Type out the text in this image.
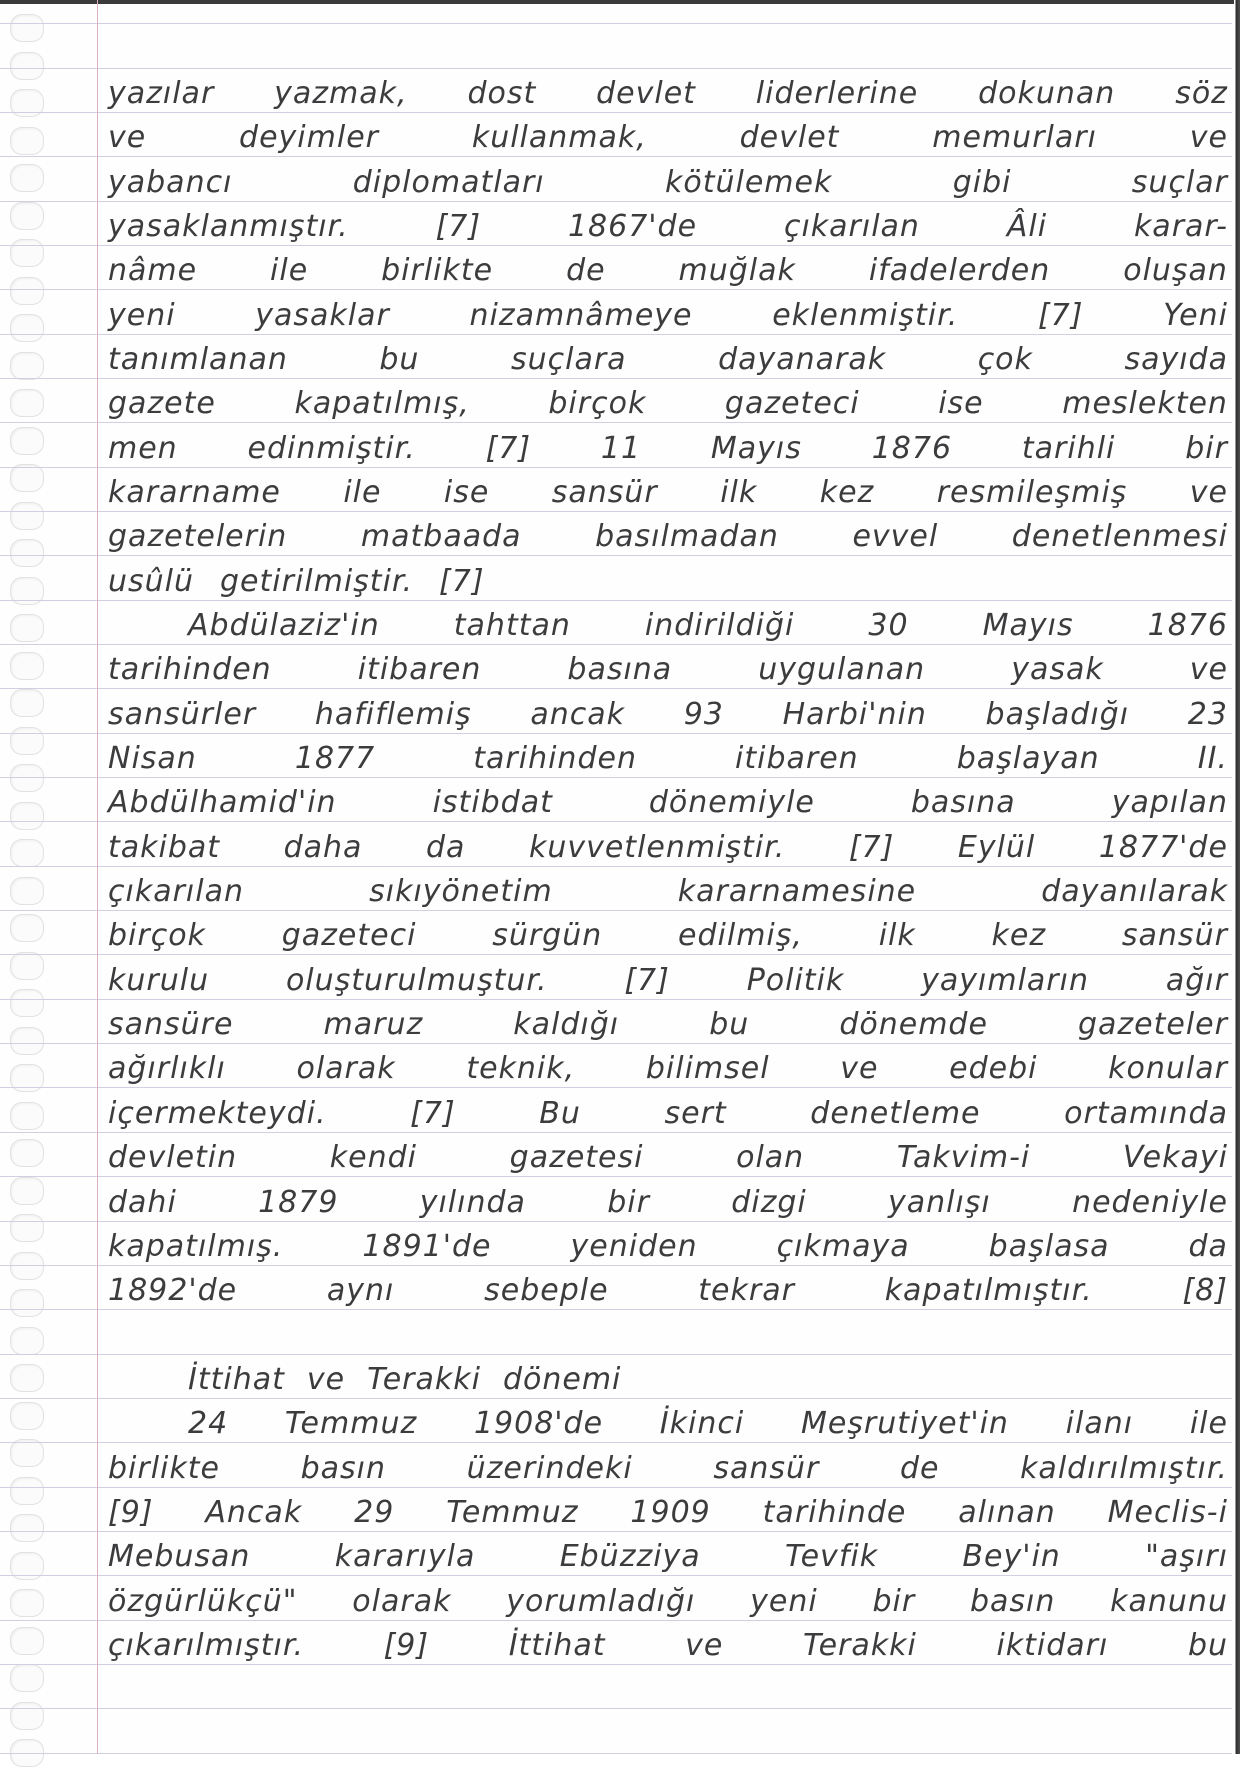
yazılar yazmak, dost devlet liderlerine dokunan söz
ve	deyimler	kullanmak,	devlet	memurları	ve
yabancı	diplomatları	kötülemek	gibi	suçlar
yasaklanmıştır.	[7]	1867'de	çıkarılan	Âli	karar-
nâme ile birlikte de muğlak ifadelerden oluşan
yeni	yasaklar	nizamnâmeye	eklenmiştir.	[7]	Yeni
tanımlanan	bu	suçlara	dayanarak	çok	sayıda
gazete	kapatılmış,	birçok	gazeteci	ise	meslekten
men edinmiştir. [7] 11 Mayıs 1876 tarihli bir
kararname ile ise sansür ilk kez resmileşmiş ve
gazetelerin matbaada basılmadan evvel denetlenmesi
usûlü getirilmiştir. [7]
Abdülaziz'in tahttan indirildiği 30 Mayıs 1876
tarihinden	itibaren	basına	uygulanan	yasak	ve
sansürler hafiflemiş ancak 93 Harbi'nin başladığı 23
Nisan	1877	tarihinden	itibaren	başlayan	II.
Abdülhamid'in	istibdat	dönemiyle	basına	yapılan
takibat daha da kuvvetlenmiştir. [7] Eylül 1877'de
çıkarılan	sıkıyönetim	kararnamesine	dayanılarak
birçok	gazeteci	sürgün	edilmiş,	ilk	kez	sansür
kurulu	oluşturulmuştur.	[7]	Politik	yayımların	ağır
sansüre	maruz	kaldığı	bu	dönemde	gazeteler
ağırlıklı olarak teknik, bilimsel ve edebi konular
içermekteydi.	[7]	Bu	sert	denetleme	ortamında
devletin	kendi	gazetesi	olan	Takvim-i	Vekayi
dahi	1879	yılında	bir	dizgi	yanlışı	nedeniyle
kapatılmış.	1891'de	yeniden	çıkmaya	başlasa	da
1892'de	aynı	sebeple	tekrar	kapatılmıştır.	[8]
İttihat ve Terakki dönemi
24 Temmuz 1908'de İkinci Meşrutiyet'in ilanı ile
birlikte	basın	üzerindeki	sansür	de	kaldırılmıştır.
[9] Ancak 29 Temmuz 1909 tarihinde alınan Meclis-i
Mebusan	kararıyla	Ebüzziya	Tevfik	Bey'in	"aşırı
özgürlükçü" olarak yorumladığı yeni bir basın kanunu
çıkarılmıştır.	[9]	İttihat	ve	Terakki	iktidarı	bu
